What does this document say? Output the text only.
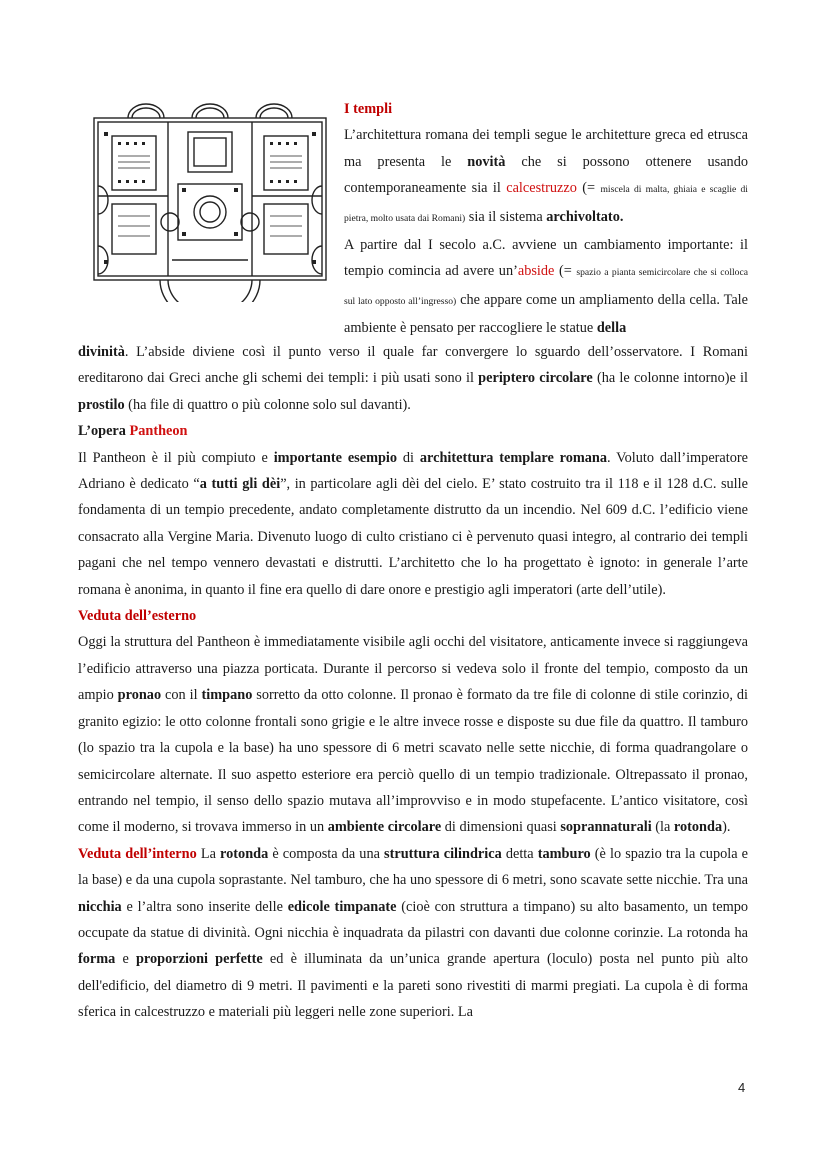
I templi

L’architettura romana dei templi segue le architetture greca ed etrusca ma presenta le novità che si possono ottenere usando contemporaneamente sia il calcestruzzo (= miscela di malta, ghiaia e scaglie di pietra, molto usata dai Romani) sia il sistema archivoltato.

A partire dal I secolo a.C. avviene un cambiamento importante: il tempio comincia ad avere un’abside (= spazio a pianta semicircolare che si colloca sul lato opposto all’ingresso) che appare come un ampliamento della cella. Tale ambiente è pensato per raccogliere le statue della

divinità. L’abside diviene così il punto verso il quale far convergere lo sguardo dell’osservatore. I Romani ereditarono dai Greci anche gli schemi dei templi: i più usati sono il periptero circolare (ha le colonne intorno)e il prostilo (ha file di quattro o più colonne solo sul davanti).

L’opera Pantheon

Il Pantheon è il più compiuto e importante esempio di architettura templare romana. Voluto dall’imperatore Adriano è dedicato “a tutti gli dèi”, in particolare agli dèi del cielo. E’ stato costruito tra il 118 e il 128 d.C. sulle fondamenta di un tempio precedente, andato completamente distrutto da un incendio. Nel 609 d.C. l’edificio viene consacrato alla Vergine Maria. Divenuto luogo di culto cristiano ci è pervenuto quasi integro, al contrario dei templi pagani che nel tempo vennero devastati e distrutti. L’architetto che lo ha progettato è ignoto: in generale l’arte romana è anonima, in quanto il fine era quello di dare onore e prestigio agli imperatori (arte dell’utile).

Veduta dell’esterno

Oggi la struttura del Pantheon è immediatamente visibile agli occhi del visitatore, anticamente invece si raggiungeva l’edificio attraverso una piazza porticata. Durante il percorso si vedeva solo il fronte del tempio, composto da un ampio pronao con il timpano sorretto da otto colonne. Il pronao è formato da tre file di colonne di stile corinzio, di granito egizio: le otto colonne frontali sono grigie e le altre invece rosse e disposte su due file da quattro. Il tamburo (lo spazio tra la cupola e la base) ha uno spessore di 6 metri scavato nelle sette nicchie, di forma quadrangolare o semicircolare alternate. Il suo aspetto esteriore era perciò quello di un tempio tradizionale. Oltrepassato il pronao, entrando nel tempio, il senso dello spazio mutava all’improvviso e in modo stupefacente. L’antico visitatore, così come il moderno, si trovava immerso in un ambiente circolare di dimensioni quasi soprannaturali (la rotonda).

Veduta dell’interno La rotonda è composta da una struttura cilindrica detta tamburo (è lo spazio tra la cupola e la base) e da una cupola soprastante. Nel tamburo, che ha uno spessore di 6 metri, sono scavate sette nicchie. Tra una nicchia e l’altra sono inserite delle edicole timpanate (cioè con struttura a timpano) su alto basamento, un tempo occupate da statue di divinità. Ogni nicchia è inquadrata da pilastri con davanti due colonne corinzie. La rotonda ha forma e proporzioni perfette ed è illuminata da un’unica grande apertura (loculo) posta nel punto più alto dell'edificio, del diametro di 9 metri. Il pavimenti e la pareti sono rivestiti di marmi pregiati. La cupola è di forma sferica in calcestruzzo e materiali più leggeri nelle zone superiori. La

4
